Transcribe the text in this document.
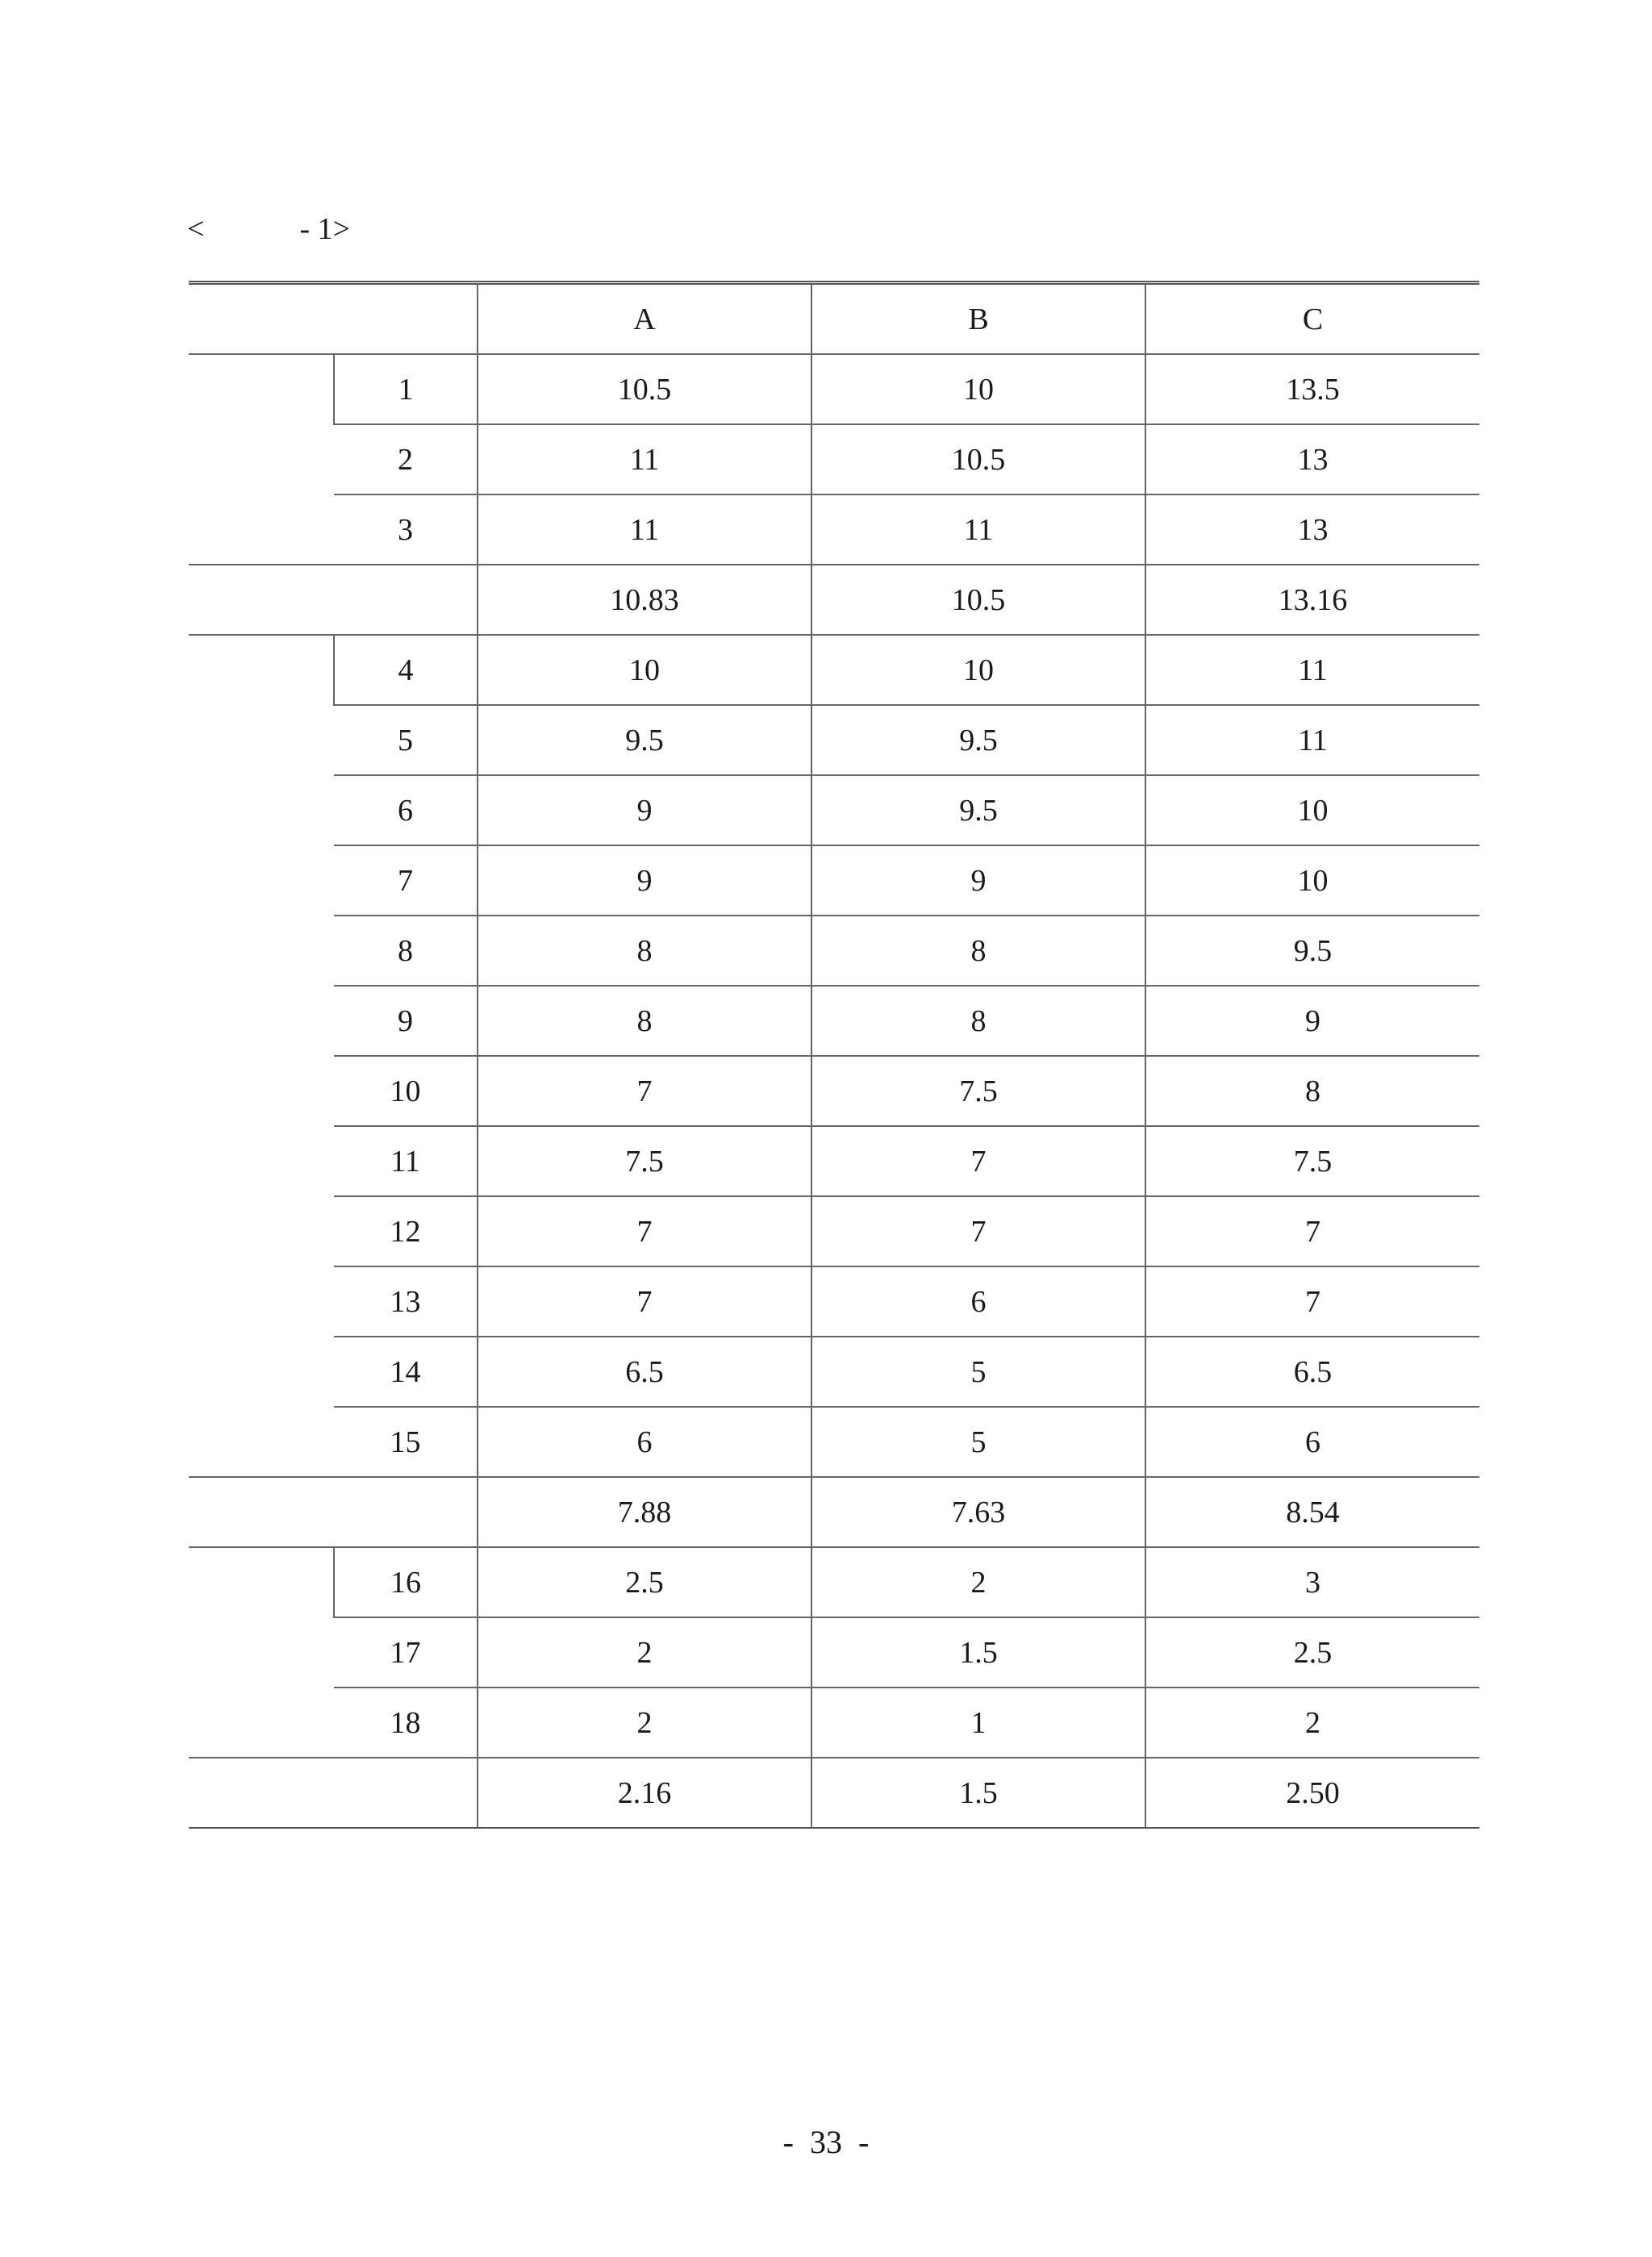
<	- 1>
		A	B	C
	1	10.5	10	13.5
	2	11	10.5	13
	3	11	11	13
		10.83	10.5	13.16
	4	10	10	11
	5	9.5	9.5	11
	6	9	9.5	10
	7	9	9	10
	8	8	8	9.5
	9	8	8	9
	10	7	7.5	8
	11	7.5	7	7.5
	12	7	7	7
	13	7	6	7
	14	6.5	5	6.5
	15	6	5	6
		7.88	7.63	8.54
	16	2.5	2	3
	17	2	1.5	2.5
	18	2	1	2
		2.16	1.5	2.50
-  33  -
